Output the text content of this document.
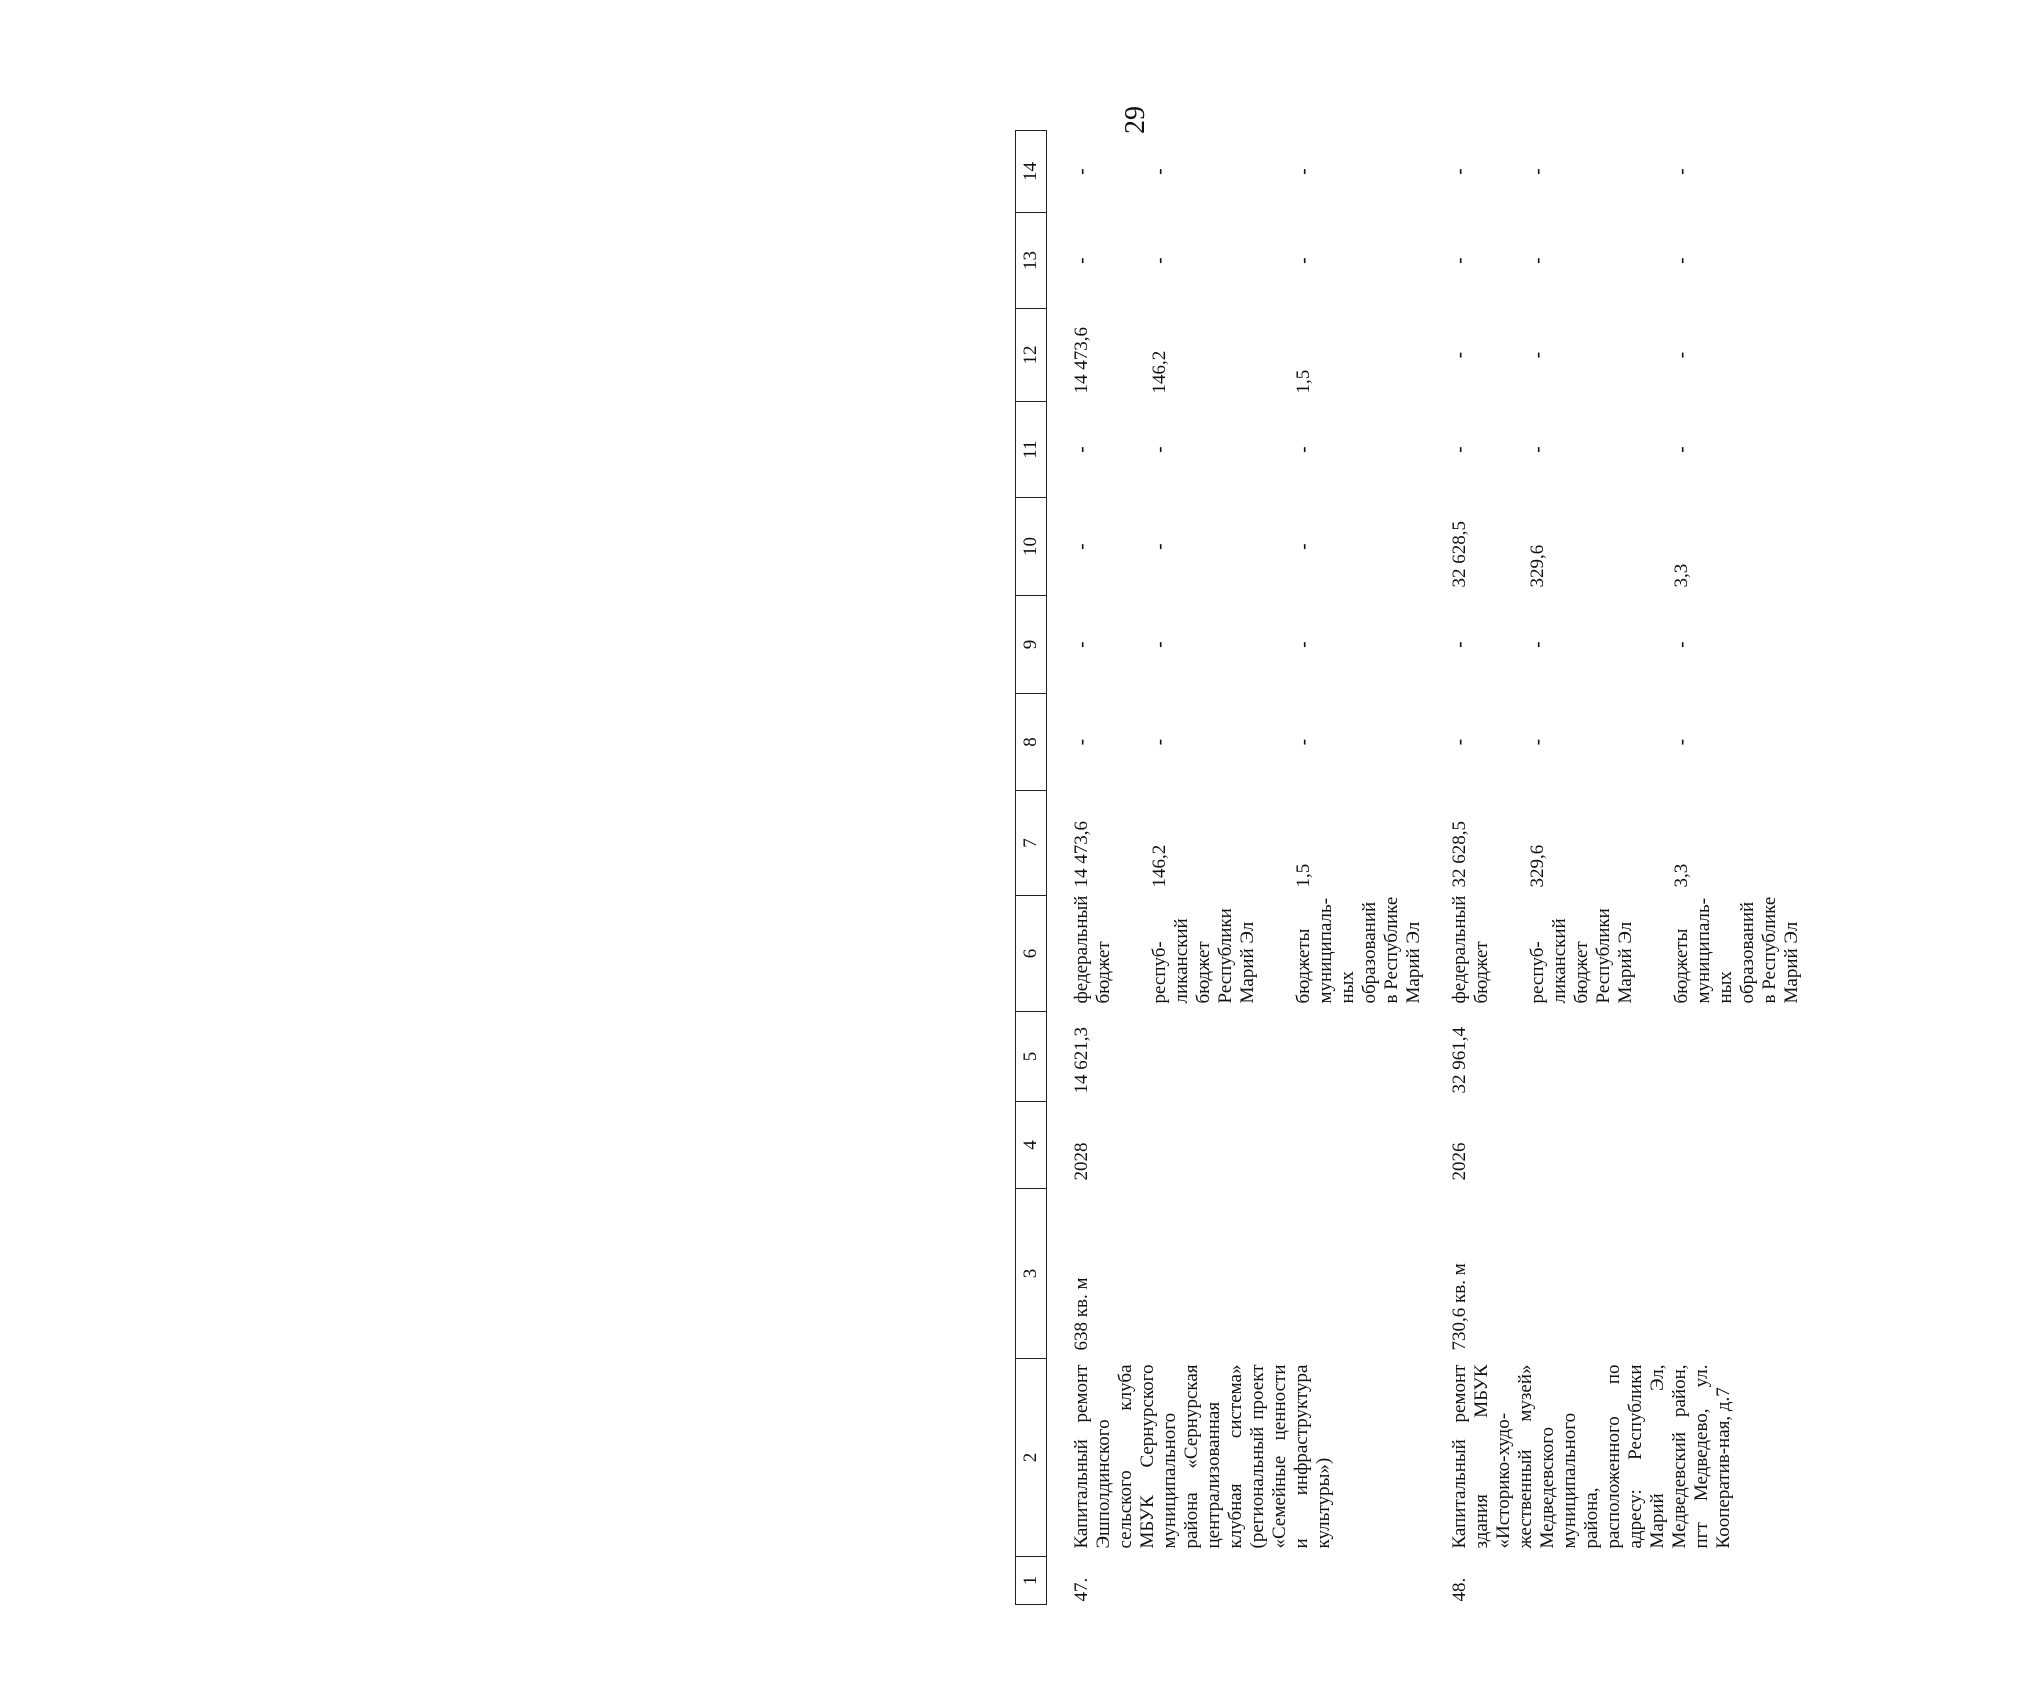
29
1	2	3	4	5	6	7	8	9	10	11	12	13	14
47.	Капитальный ремонт Эшполдинского сельского клуба МБУК Сернурского муниципального района «Сернурская централизованная клубная система» (региональный проект «Семейные ценности и инфраструктура культуры»)	638 кв. м	2028	14 621,3	федеральный бюджет	14 473,6	-	-	-	-	14 473,6	-	-
					респуб-ликанский бюджет Республики Марий Эл	146,2	-	-	-	-	146,2	-	-
					бюджеты муниципаль-ных образований в Республике Марий Эл	1,5	-	-	-	-	1,5	-	-
48.	Капитальный ремонт здания МБУК «Историко-худо-жественный музей» Медведевского муниципального района, расположенного по адресу: Республики Марий Эл, Медведевский район, пгт Медведево, ул. Кооператив-ная, д.7	730,6 кв. м	2026	32 961,4	федеральный бюджет	32 628,5	-	-	32 628,5	-	-	-	-
					респуб-ликанский бюджет Республики Марий Эл	329,6	-	-	329,6	-	-	-	-
					бюджеты муниципаль-ных образований в Республике Марий Эл	3,3	-	-	3,3	-	-	-	-
